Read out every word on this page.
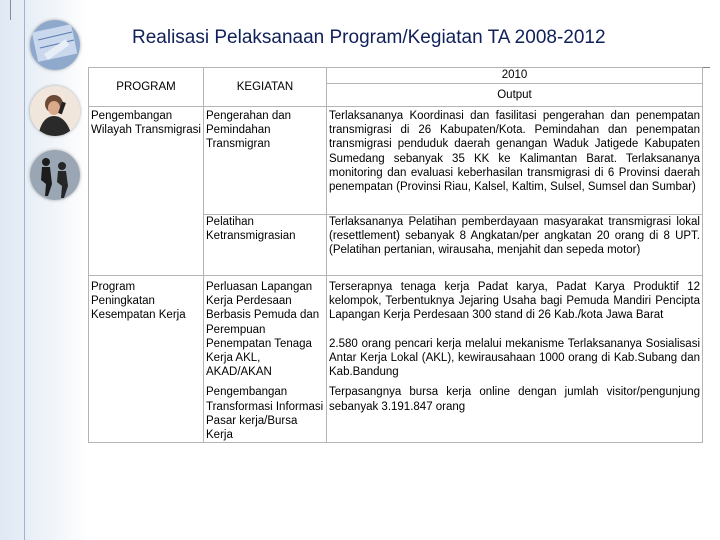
Realisasi Pelaksanaan Program/Kegiatan TA 2008-2012
PROGRAM	KEGIATAN	2010
		Output
Pengembangan Wilayah Transmigrasi	Pengerahan dan Pemindahan Transmigran	Terlaksananya Koordinasi dan fasilitasi pengerahan dan penempatan transmigrasi di 26 Kabupaten/Kota. Pemindahan dan penempatan transmigrasi penduduk daerah genangan Waduk Jatigede Kabupaten Sumedang sebanyak 35 KK ke Kalimantan Barat. Terlaksananya monitoring dan evaluasi keberhasilan transmigrasi di 6 Provinsi daerah penempatan (Provinsi Riau, Kalsel, Kaltim, Sulsel, Sumsel dan Sumbar)
	Pelatihan Ketransmigrasian	Terlaksananya Pelatihan pemberdayaan masyarakat transmigrasi lokal (resettlement) sebanyak 8 Angkatan/per angkatan 20 orang di 8 UPT. (Pelatihan pertanian, wirausaha, menjahit dan sepeda motor)
Program Peningkatan Kesempatan Kerja	Perluasan Lapangan Kerja Perdesaan Berbasis Pemuda dan Perempuan	Terserapnya tenaga kerja Padat karya, Padat Karya Produktif 12 kelompok, Terbentuknya Jejaring Usaha bagi Pemuda Mandiri Pencipta Lapangan Kerja Perdesaan 300 stand di 26 Kab./kota Jawa Barat
	Penempatan Tenaga Kerja AKL, AKAD/AKAN	2.580 orang pencari kerja melalui mekanisme Terlaksananya Sosialisasi Antar Kerja Lokal (AKL), kewirausahaan 1000 orang di Kab.Subang dan Kab.Bandung
	Pengembangan Transformasi Informasi Pasar kerja/Bursa Kerja	Terpasangnya bursa kerja online dengan jumlah visitor/pengunjung sebanyak 3.191.847 orang
